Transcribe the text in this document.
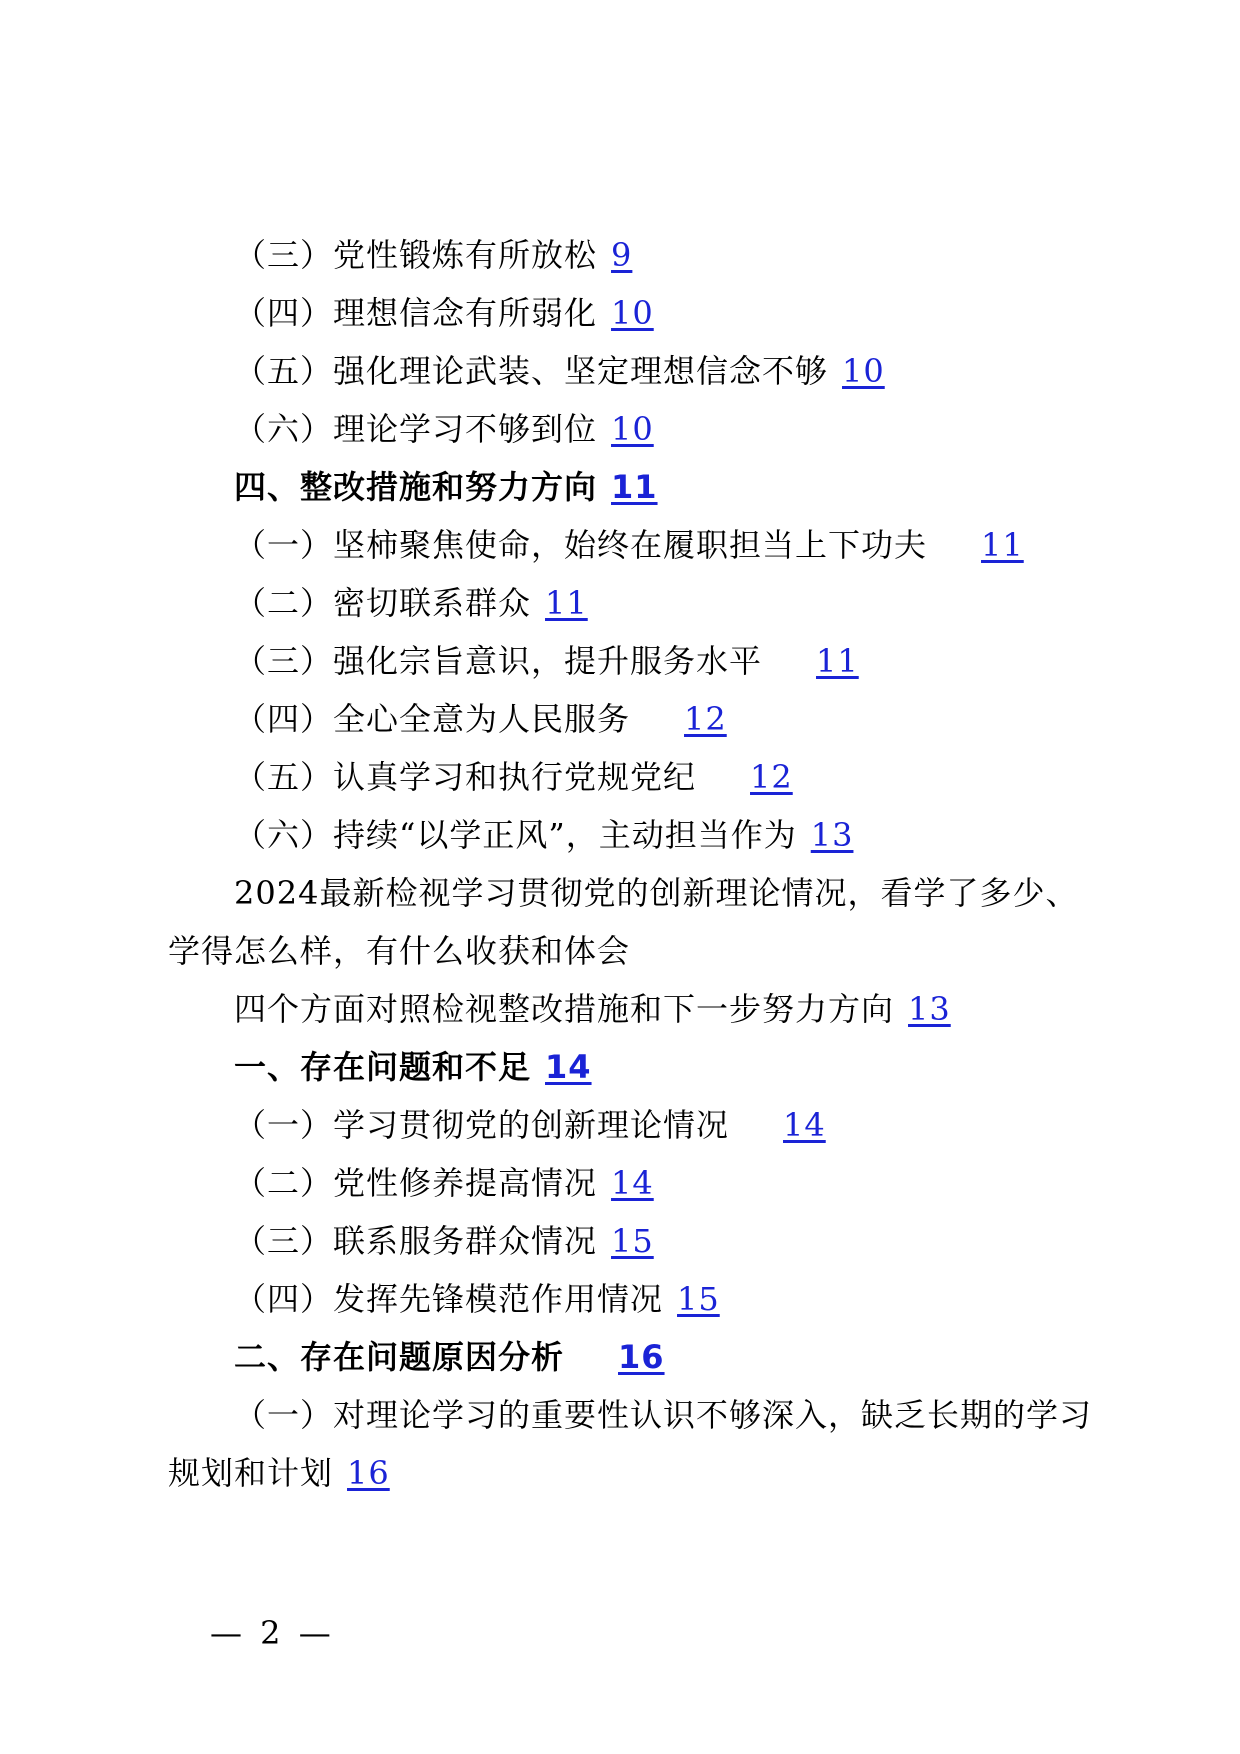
（三）党性锻炼有所放松 9
（四）理想信念有所弱化 10
（五）强化理论武装、坚定理想信念不够 10
（六）理论学习不够到位 10
四、整改措施和努力方向 11
（一）坚柿聚焦使命，始终在履职担当上下功夫 11
（二）密切联系群众 11
（三）强化宗旨意识，提升服务水平 11
（四）全心全意为人民服务 12
（五）认真学习和执行党规党纪 12
（六）持续“以学正风”，主动担当作为 13
2024最新检视学习贯彻党的创新理论情况，看学了多少、学得怎么样，有什么收获和体会
四个方面对照检视整改措施和下一步努力方向 13
一、存在问题和不足 14
（一）学习贯彻党的创新理论情况 14
（二）党性修养提高情况 14
（三）联系服务群众情况 15
（四）发挥先锋模范作用情况 15
二、存在问题原因分析 16
（一）对理论学习的重要性认识不够深入，缺乏长期的学习规划和计划 16
— 2 —
